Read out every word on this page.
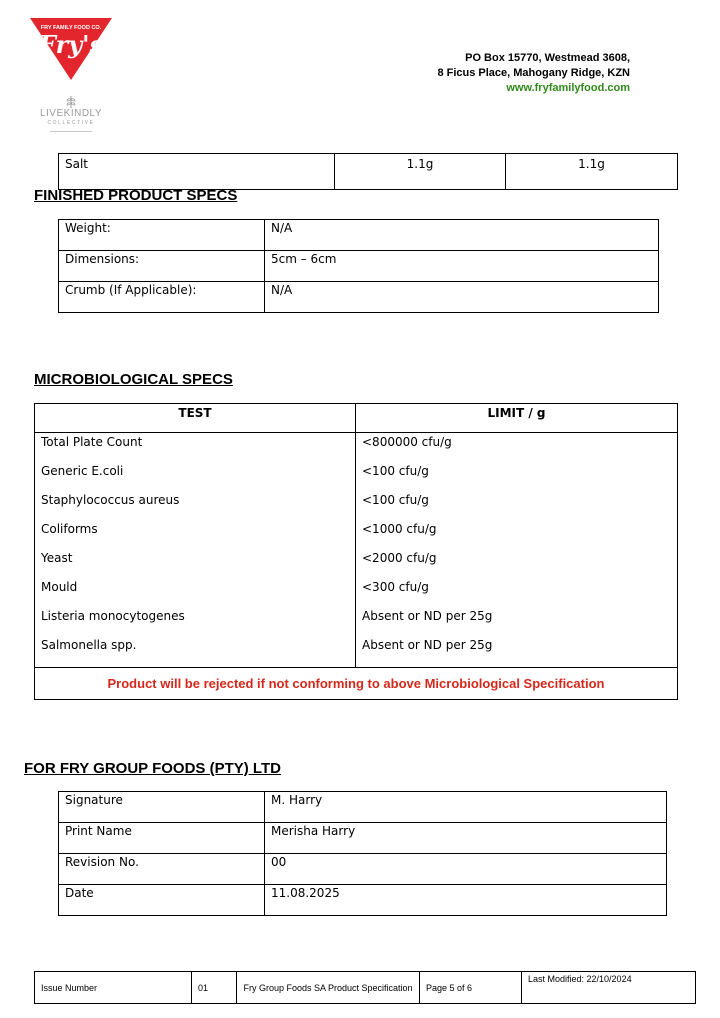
FRY FAMILY FOOD CO.
Fry's
LIVEKINDLY
COLLECTIVE
PO Box 15770, Westmead 3608,
8 Ficus Place, Mahogany Ridge, KZN
www.fryfamilyfood.com
Salt	1.1g	1.1g
FINISHED PRODUCT SPECS
Weight:	N/A
Dimensions:	5cm – 6cm
Crumb (If Applicable):	N/A
MICROBIOLOGICAL SPECS
TEST	LIMIT / g
Total Plate Count	<800000 cfu/g
Generic E.coli	<100 cfu/g
Staphylococcus aureus	<100 cfu/g
Coliforms	<1000 cfu/g
Yeast	<2000 cfu/g
Mould	<300 cfu/g
Listeria monocytogenes	Absent or ND per 25g
Salmonella spp.	Absent or ND per 25g
Product will be rejected if not conforming to above Microbiological Specification	
FOR FRY GROUP FOODS (PTY) LTD
Signature	M. Harry
Print Name	Merisha Harry
Revision No.	00
Date	11.08.2025
Issue Number	01	Fry Group Foods SA Product Specification	Page 5 of 6	Last Modified: 22/10/2024
